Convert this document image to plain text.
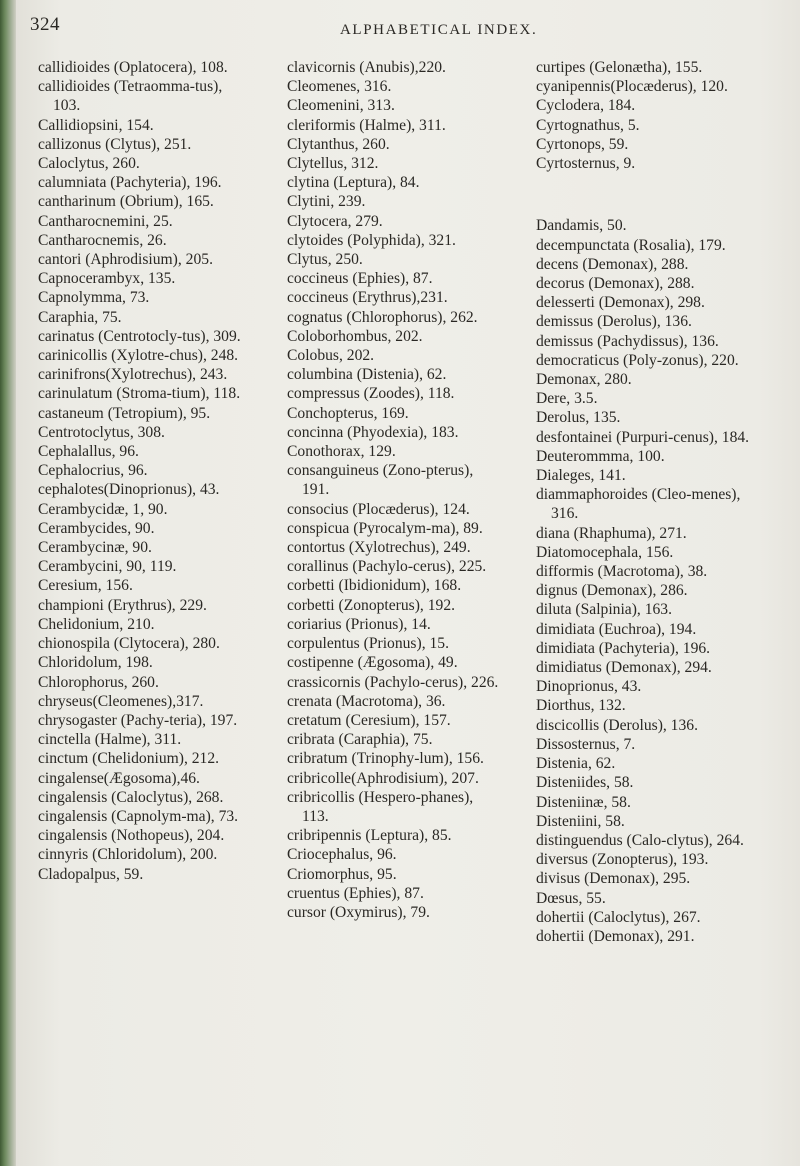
324	ALPHABETICAL INDEX.

callidioides (Oplatocera), 108.

callidioides (Tetraomma-tus), 103.

Callidiopsini, 154.

callizonus (Clytus), 251.

Caloclytus, 260.

calumniata (Pachyteria), 196.

cantharinum (Obrium), 165.

Cantharocnemini, 25.

Cantharocnemis, 26.

cantori (Aphrodisium), 205.

Capnocerambyx, 135.

Capnolymma, 73.

Caraphia, 75.

carinatus (Centrotocly-tus), 309.

carinicollis (Xylotre-chus), 248.

carinifrons(Xylotrechus), 243.

carinulatum (Stroma-tium), 118.

castaneum (Tetropium), 95.

Centrotoclytus, 308.

Cephalallus, 96.

Cephalocrius, 96.

cephalotes(Dinoprionus), 43.

Cerambycidæ, 1, 90.

Cerambycides, 90.

Cerambycinæ, 90.

Cerambycini, 90, 119.

Ceresium, 156.

championi (Erythrus), 229.

Chelidonium, 210.

chionospila (Clytocera), 280.

Chloridolum, 198.

Chlorophorus, 260.

chryseus(Cleomenes),317.

chrysogaster (Pachy-teria), 197.

cinctella (Halme), 311.

cinctum (Chelidonium), 212.

cingalense(Ægosoma),46.

cingalensis (Caloclytus), 268.

cingalensis (Capnolym-ma), 73.

cingalensis (Nothopeus), 204.

cinnyris (Chloridolum), 200.

Cladopalpus, 59.

clavicornis (Anubis),220.

Cleomenes, 316.

Cleomenini, 313.

cleriformis (Halme), 311.

Clytanthus, 260.

Clytellus, 312.

clytina (Leptura), 84.

Clytini, 239.

Clytocera, 279.

clytoides (Polyphida), 321.

Clytus, 250.

coccineus (Ephies), 87.

coccineus (Erythrus),231.

cognatus (Chlorophorus), 262.

Coloborhombus, 202.

Colobus, 202.

columbina (Distenia), 62.

compressus (Zoodes), 118.

Conchopterus, 169.

concinna (Phyodexia), 183.

Conothorax, 129.

consanguineus (Zono-pterus), 191.

consocius (Plocæderus), 124.

conspicua (Pyrocalym-ma), 89.

contortus (Xylotrechus), 249.

corallinus (Pachylo-cerus), 225.

corbetti (Ibidionidum), 168.

corbetti (Zonopterus), 192.

coriarius (Prionus), 14.

corpulentus (Prionus), 15.

costipenne (Ægosoma), 49.

crassicornis (Pachylo-cerus), 226.

crenata (Macrotoma), 36.

cretatum (Ceresium), 157.

cribrata (Caraphia), 75.

cribratum (Trinophy-lum), 156.

cribricolle(Aphrodisium), 207.

cribricollis (Hespero-phanes), 113.

cribripennis (Leptura), 85.

Criocephalus, 96.

Criomorphus, 95.

cruentus (Ephies), 87.

cursor (Oxymirus), 79.

curtipes (Gelonætha), 155.

cyanipennis(Plocæderus), 120.

Cyclodera, 184.

Cyrtognathus, 5.

Cyrtonops, 59.

Cyrtosternus, 9.

Dandamis, 50.

decempunctata (Rosalia), 179.

decens (Demonax), 288.

decorus (Demonax), 288.

delesserti (Demonax), 298.

demissus (Derolus), 136.

demissus (Pachydissus), 136.

democraticus (Poly-zonus), 220.

Demonax, 280.

Dere, 3.5.

Derolus, 135.

desfontainei (Purpuri-cenus), 184.

Deuterommma, 100.

Dialeges, 141.

diammaphoroides (Cleo-menes), 316.

diana (Rhaphuma), 271.

Diatomocephala, 156.

difformis (Macrotoma), 38.

dignus (Demonax), 286.

diluta (Salpinia), 163.

dimidiata (Euchroa), 194.

dimidiata (Pachyteria), 196.

dimidiatus (Demonax), 294.

Dinoprionus, 43.

Diorthus, 132.

discicollis (Derolus), 136.

Dissosternus, 7.

Distenia, 62.

Disteniides, 58.

Disteniinæ, 58.

Disteniini, 58.

distinguendus (Calo-clytus), 264.

diversus (Zonopterus), 193.

divisus (Demonax), 295.

Dœsus, 55.

dohertii (Caloclytus), 267.

dohertii (Demonax), 291.
